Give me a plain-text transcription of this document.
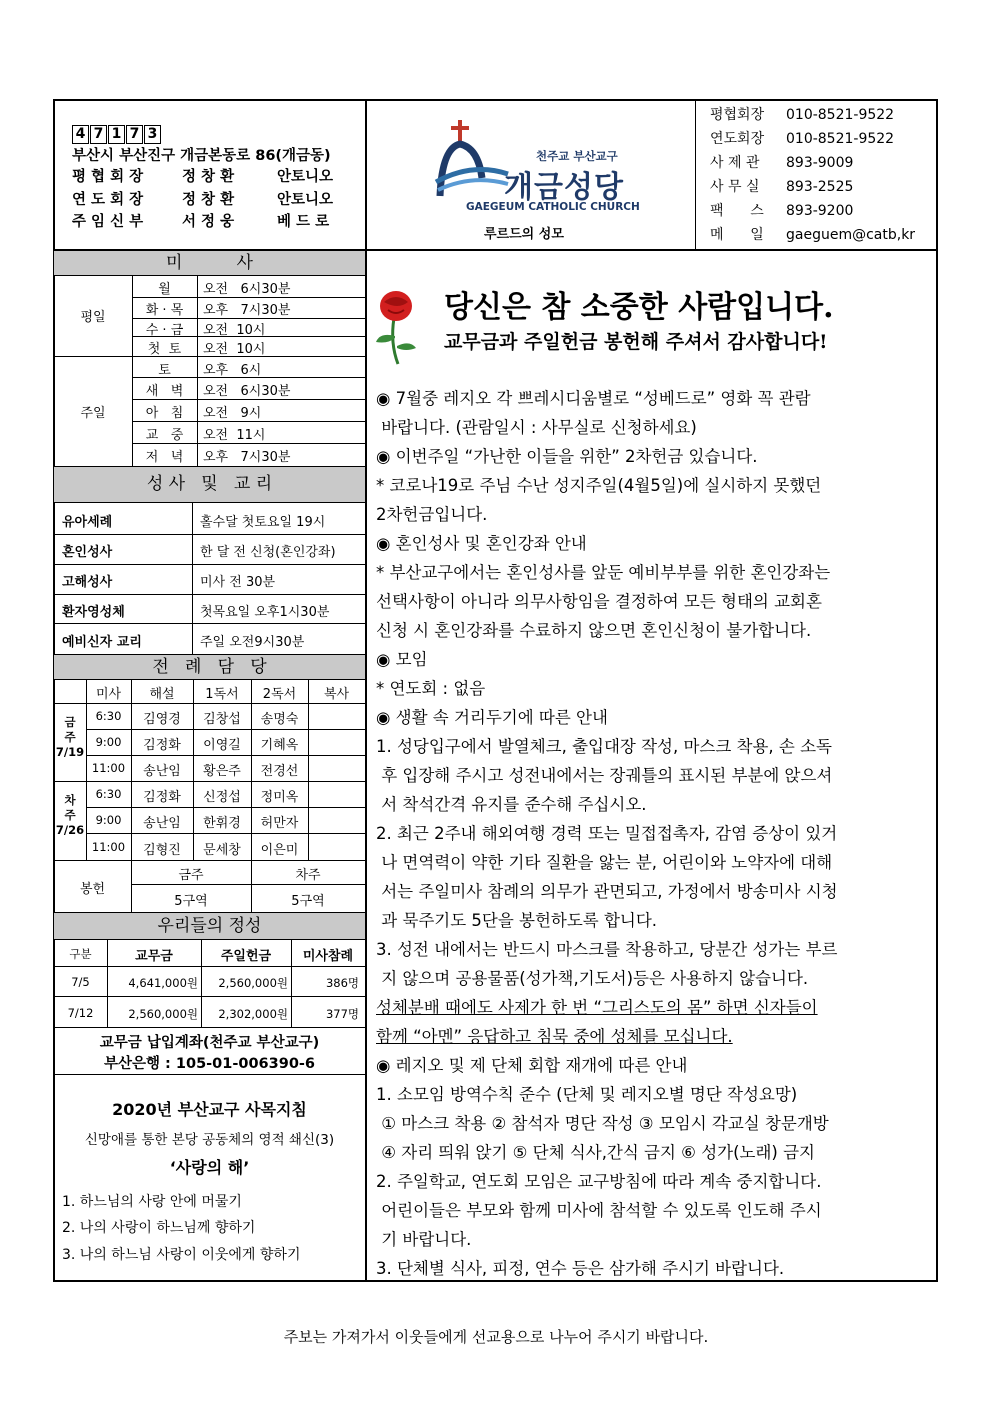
4 7 1 7 3
부산시 부산진구 개금본동로 86(개금동)
평 협 회 장	정 창 환	안토니오
연 도 회 장	정 창 환	안토니오
주 임 신 부	서 정 웅	베 드 로
천주교 부산교구
개금성당
GAEGEUM CATHOLIC CHURCH
루르드의 성모
평협회장 010-8521-9522
연도회장 010-8521-9522
사 제 관 893-9009
사 무 실 893-2525
팩      스 893-9200
메      일 gaeguem@catb,kr
미          사
평일
주일
월	오전   6시30분
화 · 목	오후   7시30분
수 · 금	오전  10시
첫  토	오전  10시
토	오후   6시
새   벽	오전   6시30분
아   침	오전   9시
교   중	오전  11시
저   녁	오후   7시30분
성 사   및   교 리
유아세례	홀수달 첫토요일 19시
혼인성사	한 달 전 신청(혼인강좌)
고해성사	미사 전 30분
환자영성체	첫목요일 오후1시30분
예비신자 교리	주일 오전9시30분
전   례   담   당
미사	해설	1독서	2독서	복사
금
주
7/19
차
주
7/26
6:30	김영경	김창섭	송명숙
9:00	김정화	이영길	기혜옥
11:00	송난임	황은주	전경선
6:30	김정화	신정섭	정미옥
9:00	송난임	한휘경	허만자
11:00	김형진	문세창	이은미
봉헌
금주	차주
5구역	5구역
우리들의 정성
구분	교무금	주일헌금	미사참례
7/5	4,641,000원	2,560,000원	386명
7/12	2,560,000원	2,302,000원	377명
교무금 납입계좌(천주교 부산교구)
부산은행 : 105-01-006390-6
2020년 부산교구 사목지침
신망애를 통한 본당 공동체의 영적 쇄신(3)
‘사랑의 해’
1. 하느님의 사랑 안에 머물기
2. 나의 사랑이 하느님께 향하기
3. 나의 하느님 사랑이 이웃에게 향하기
당신은 참 소중한 사람입니다.
교무금과 주일헌금 봉헌해 주셔서 감사합니다!
◉ 7월중 레지오 각 쁘레시디움별로 “성베드로” 영화 꼭 관람
바랍니다. (관람일시 : 사무실로 신청하세요)
◉ 이번주일 “가난한 이들을 위한” 2차헌금 있습니다.
* 코로나19로 주님 수난 성지주일(4월5일)에 실시하지 못했던
2차헌금입니다.
◉ 혼인성사 및 혼인강좌 안내
* 부산교구에서는 혼인성사를 앞둔 예비부부를 위한 혼인강좌는
선택사항이 아니라 의무사항임을 결정하여 모든 형태의 교회혼
신청 시 혼인강좌를 수료하지 않으면 혼인신청이 불가합니다.
◉ 모임
* 연도회 : 없음
◉ 생활 속 거리두기에 따른 안내
1. 성당입구에서 발열체크, 출입대장 작성, 마스크 착용, 손 소독
후 입장해 주시고 성전내에서는 장궤틀의 표시된 부분에 앉으셔
서 착석간격 유지를 준수해 주십시오.
2. 최근 2주내 해외여행 경력 또는 밀접접촉자, 감염 증상이 있거
나 면역력이 약한 기타 질환을 앓는 분, 어린이와 노약자에 대해
서는 주일미사 참례의 의무가 관면되고, 가정에서 방송미사 시청
과 묵주기도 5단을 봉헌하도록 합니다.
3. 성전 내에서는 반드시 마스크를 착용하고, 당분간 성가는 부르
지 않으며 공용물품(성가책,기도서)등은 사용하지 않습니다.
성체분배 때에도 사제가 한 번 “그리스도의 몸” 하면 신자들이
함께 “아멘” 응답하고 침묵 중에 성체를 모십니다.
◉ 레지오 및 제 단체 회합 재개에 따른 안내
1. 소모임 방역수칙 준수 (단체 및 레지오별 명단 작성요망)
① 마스크 착용 ② 참석자 명단 작성 ③ 모임시 각교실 창문개방
④ 자리 띄워 앉기 ⑤ 단체 식사,간식 금지 ⑥ 성가(노래) 금지
2. 주일학교, 연도회 모임은 교구방침에 따라 계속 중지합니다.
어린이들은 부모와 함께 미사에 참석할 수 있도록 인도해 주시
기 바랍니다.
3. 단체별 식사, 피정, 연수 등은 삼가해 주시기 바랍니다.
주보는 가져가서 이웃들에게 선교용으로 나누어 주시기 바랍니다.
